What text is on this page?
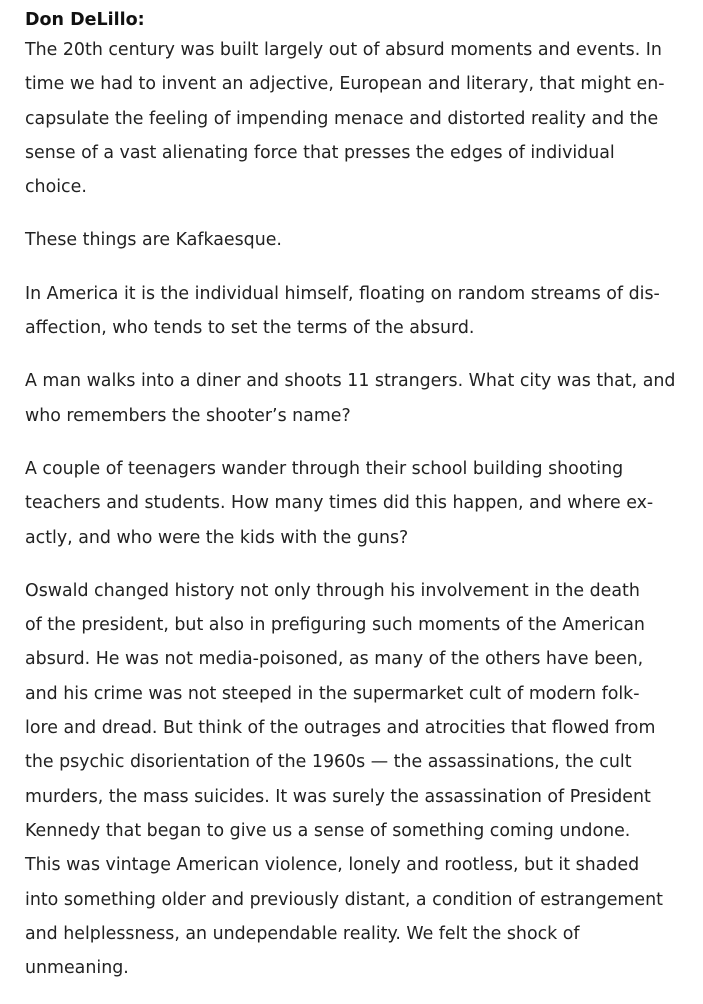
Don DeLillo:

The 20th century was built largely out of absurd moments and events. In
time we had to invent an adjective, European and literary, that might en-
capsulate the feeling of impending menace and distorted reality and the
sense of a vast alienating force that presses the edges of individual
choice.

These things are Kafkaesque.

In America it is the individual himself, floating on random streams of dis-
affection, who tends to set the terms of the absurd.

A man walks into a diner and shoots 11 strangers. What city was that, and
who remembers the shooter’s name?

A couple of teenagers wander through their school building shooting
teachers and students. How many times did this happen, and where ex-
actly, and who were the kids with the guns?

Oswald changed history not only through his involvement in the death
of the president, but also in prefiguring such moments of the American
absurd. He was not media-poisoned, as many of the others have been,
and his crime was not steeped in the supermarket cult of modern folk-
lore and dread. But think of the outrages and atrocities that flowed from
the psychic disorientation of the 1960s — the assassinations, the cult
murders, the mass suicides. It was surely the assassination of President
Kennedy that began to give us a sense of something coming undone.
This was vintage American violence, lonely and rootless, but it shaded
into something older and previously distant, a condition of estrangement
and helplessness, an undependable reality. We felt the shock of
unmeaning.
